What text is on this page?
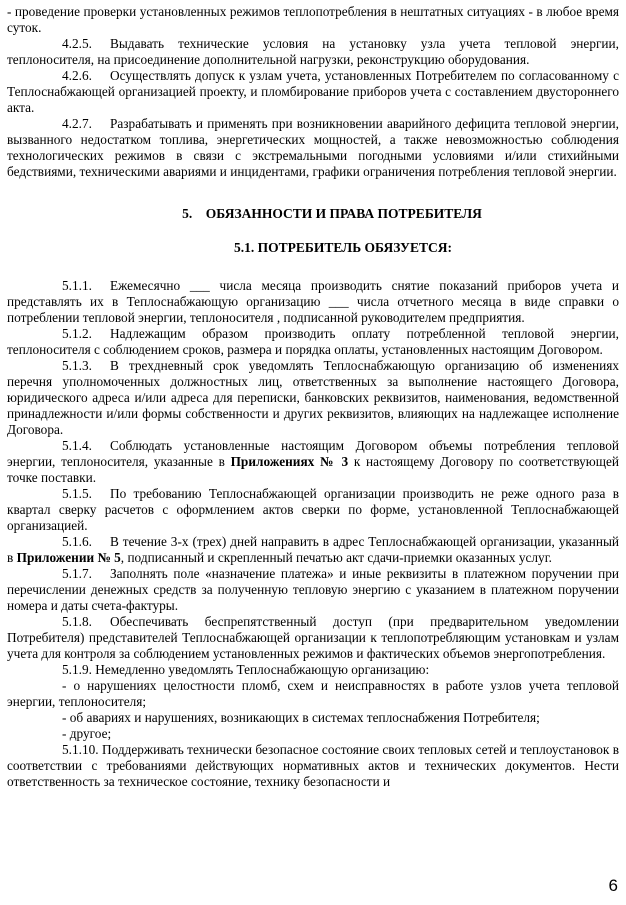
- проведение проверки установленных режимов теплопотребления в нештатных ситуациях - в любое время суток.

4.2.5. Выдавать технические условия на установку узла учета тепловой энергии, теплоносителя, на присоединение дополнительной нагрузки, реконструкцию оборудования.

4.2.6. Осуществлять допуск к узлам учета, установленных Потребителем по согласованному с Теплоснабжающей организацией проекту, и пломбирование приборов учета с составлением двустороннего акта.

4.2.7. Разрабатывать и применять при возникновении аварийного дефицита тепловой энергии, вызванного недостатком топлива, энергетических мощностей, а также невозможностью соблюдения технологических режимов в связи с экстремальными погодными условиями и/или стихийными бедствиями, техническими авариями и инцидентами, графики ограничения потребления тепловой энергии.

5.    ОБЯЗАННОСТИ И ПРАВА ПОТРЕБИТЕЛЯ

5.1. ПОТРЕБИТЕЛЬ ОБЯЗУЕТСЯ:

5.1.1. Ежемесячно ___ числа месяца производить снятие показаний приборов учета и представлять их в Теплоснабжающую организацию ___ числа отчетного месяца в виде справки о потреблении тепловой энергии, теплоносителя , подписанной руководителем предприятия.

5.1.2. Надлежащим образом производить оплату потребленной тепловой энергии, теплоносителя с соблюдением сроков, размера и порядка оплаты, установленных настоящим Договором.

5.1.3. В трехдневный срок уведомлять Теплоснабжающую организацию об изменениях перечня уполномоченных должностных лиц, ответственных за выполнение настоящего Договора, юридического адреса и/или адреса для переписки, банковских реквизитов, наименования, ведомственной принадлежности и/или формы собственности и других реквизитов, влияющих на надлежащее исполнение Договора.

5.1.4. Соблюдать установленные настоящим Договором объемы потребления тепловой энергии, теплоносителя, указанные в Приложениях № 3 к настоящему Договору по соответствующей точке поставки.

5.1.5. По требованию Теплоснабжающей организации производить не реже одного раза в квартал сверку расчетов с оформлением актов сверки по форме, установленной Теплоснабжающей организацией.

5.1.6. В течение 3-х (трех) дней направить в адрес Теплоснабжающей организации, указанный в Приложении № 5, подписанный и скрепленный печатью акт сдачи-приемки оказанных услуг.

5.1.7. Заполнять поле «назначение платежа» и иные реквизиты в платежном поручении при перечислении денежных средств за полученную тепловую энергию с указанием в платежном поручении номера и даты счета-фактуры.

5.1.8. Обеспечивать беспрепятственный доступ (при предварительном уведомлении Потребителя) представителей Теплоснабжающей организации к теплопотребляющим установкам и узлам учета для контроля за соблюдением установленных режимов и фактических объемов энергопотребления.

5.1.9. Немедленно уведомлять Теплоснабжающую организацию:

- о нарушениях целостности пломб, схем и неисправностях в работе узлов учета тепловой энергии, теплоносителя;

- об авариях и нарушениях, возникающих в системах теплоснабжения Потребителя;

- другое;

5.1.10. Поддерживать технически безопасное состояние своих тепловых сетей и теплоустановок в соответствии с требованиями действующих нормативных актов и технических документов. Нести ответственность за техническое состояние, технику безопасности и

6
